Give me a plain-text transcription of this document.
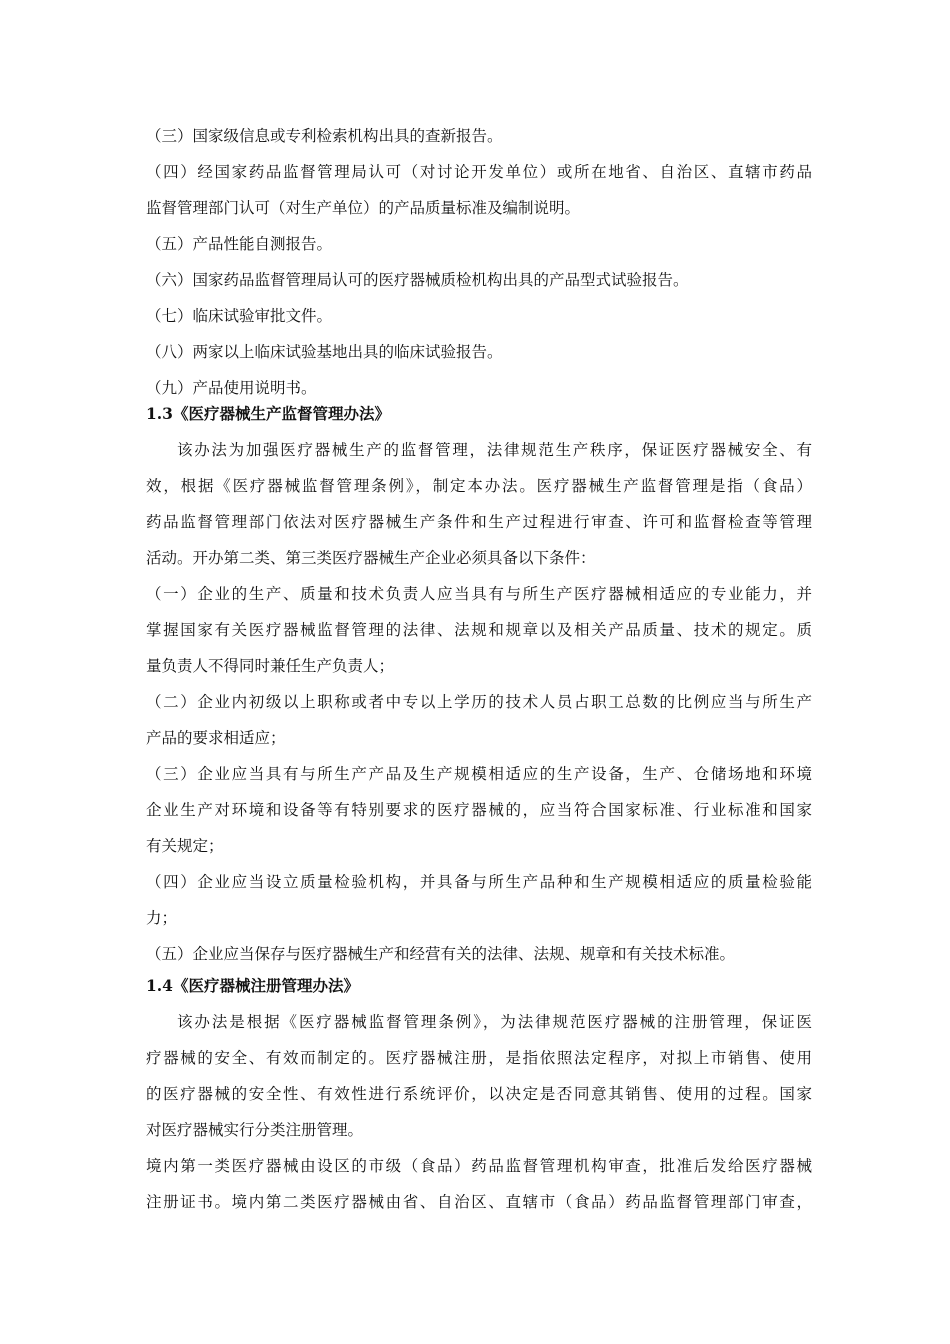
（三）国家级信息或专利检索机构出具的查新报告。
（四）经国家药品监督管理局认可（对讨论开发单位）或所在地省、自治区、直辖市药品
监督管理部门认可（对生产单位）的产品质量标准及编制说明。
（五）产品性能自测报告。
（六）国家药品监督管理局认可的医疗器械质检机构出具的产品型式试验报告。
（七）临床试验审批文件。
（八）两家以上临床试验基地出具的临床试验报告。
（九）产品使用说明书。
1.3《医疗器械生产监督管理办法》
该办法为加强医疗器械生产的监督管理，法律规范生产秩序，保证医疗器械安全、有
效，根据《医疗器械监督管理条例》，制定本办法。医疗器械生产监督管理是指（食品）
药品监督管理部门依法对医疗器械生产条件和生产过程进行审查、许可和监督检查等管理
活动。开办第二类、第三类医疗器械生产企业必须具备以下条件：
（一）企业的生产、质量和技术负责人应当具有与所生产医疗器械相适应的专业能力，并
掌握国家有关医疗器械监督管理的法律、法规和规章以及相关产品质量、技术的规定。质
量负责人不得同时兼任生产负责人；
（二）企业内初级以上职称或者中专以上学历的技术人员占职工总数的比例应当与所生产
产品的要求相适应；
（三）企业应当具有与所生产产品及生产规模相适应的生产设备，生产、仓储场地和环境
企业生产对环境和设备等有特别要求的医疗器械的，应当符合国家标准、行业标准和国家
有关规定；
（四）企业应当设立质量检验机构，并具备与所生产品种和生产规模相适应的质量检验能
力；
（五）企业应当保存与医疗器械生产和经营有关的法律、法规、规章和有关技术标准。
1.4《医疗器械注册管理办法》
该办法是根据《医疗器械监督管理条例》，为法律规范医疗器械的注册管理，保证医
疗器械的安全、有效而制定的。医疗器械注册，是指依照法定程序，对拟上市销售、使用
的医疗器械的安全性、有效性进行系统评价，以决定是否同意其销售、使用的过程。国家
对医疗器械实行分类注册管理。
境内第一类医疗器械由设区的市级（食品）药品监督管理机构审查，批准后发给医疗器械
注册证书。境内第二类医疗器械由省、自治区、直辖市（食品）药品监督管理部门审查，
